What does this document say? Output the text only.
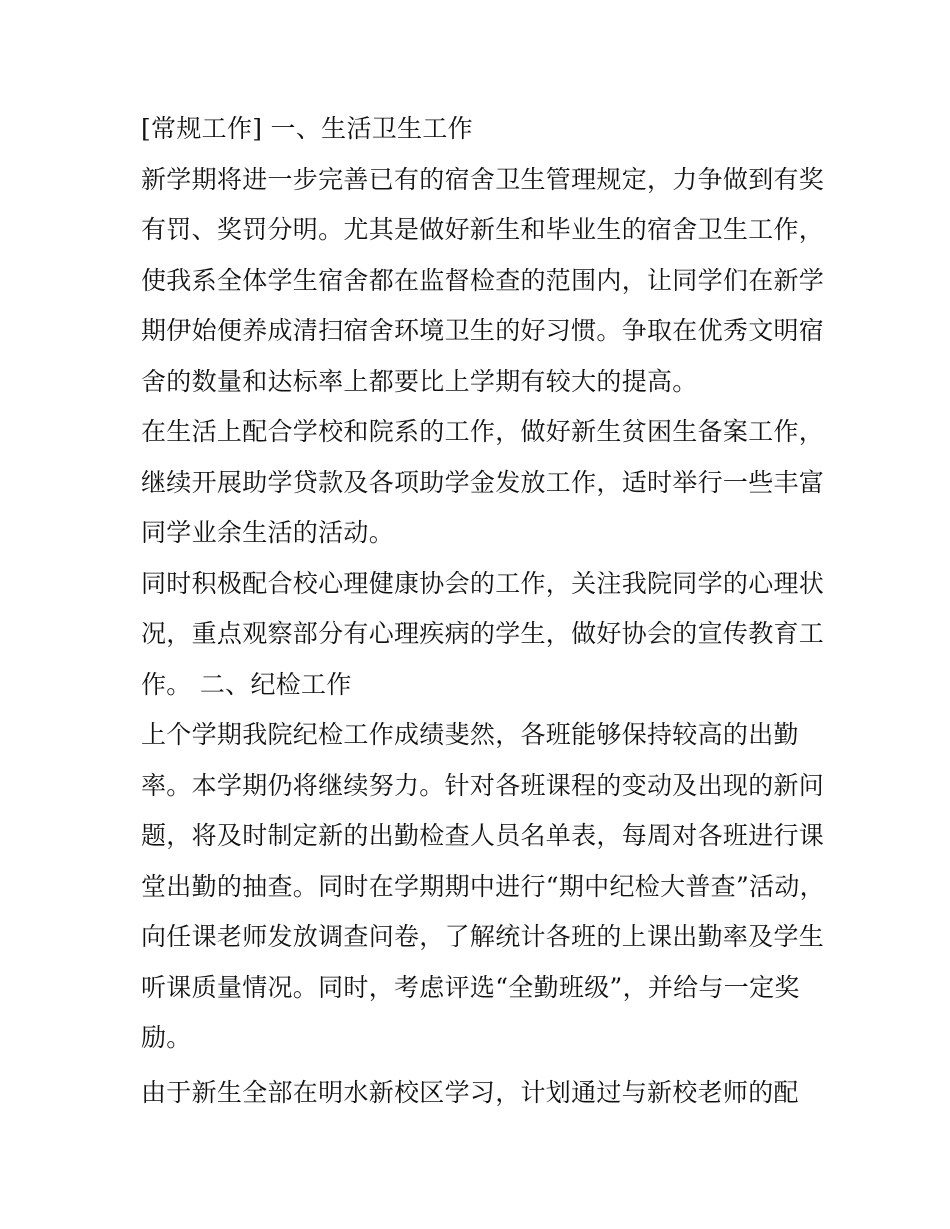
[常规工作] 一、生活卫生工作
新学期将进一步完善已有的宿舍卫生管理规定，力争做到有奖
有罚、奖罚分明。尤其是做好新生和毕业生的宿舍卫生工作，
使我系全体学生宿舍都在监督检查的范围内，让同学们在新学
期伊始便养成清扫宿舍环境卫生的好习惯。争取在优秀文明宿
舍的数量和达标率上都要比上学期有较大的提高。
在生活上配合学校和院系的工作，做好新生贫困生备案工作，
继续开展助学贷款及各项助学金发放工作，适时举行一些丰富
同学业余生活的活动。
同时积极配合校心理健康协会的工作，关注我院同学的心理状
况，重点观察部分有心理疾病的学生，做好协会的宣传教育工
作。 二、纪检工作
上个学期我院纪检工作成绩斐然，各班能够保持较高的出勤
率。本学期仍将继续努力。针对各班课程的变动及出现的新问
题，将及时制定新的出勤检查人员名单表，每周对各班进行课
堂出勤的抽查。同时在学期期中进行“期中纪检大普查”活动，
向任课老师发放调查问卷，了解统计各班的上课出勤率及学生
听课质量情况。同时，考虑评选“全勤班级”，并给与一定奖
励。
由于新生全部在明水新校区学习，计划通过与新校老师的配
